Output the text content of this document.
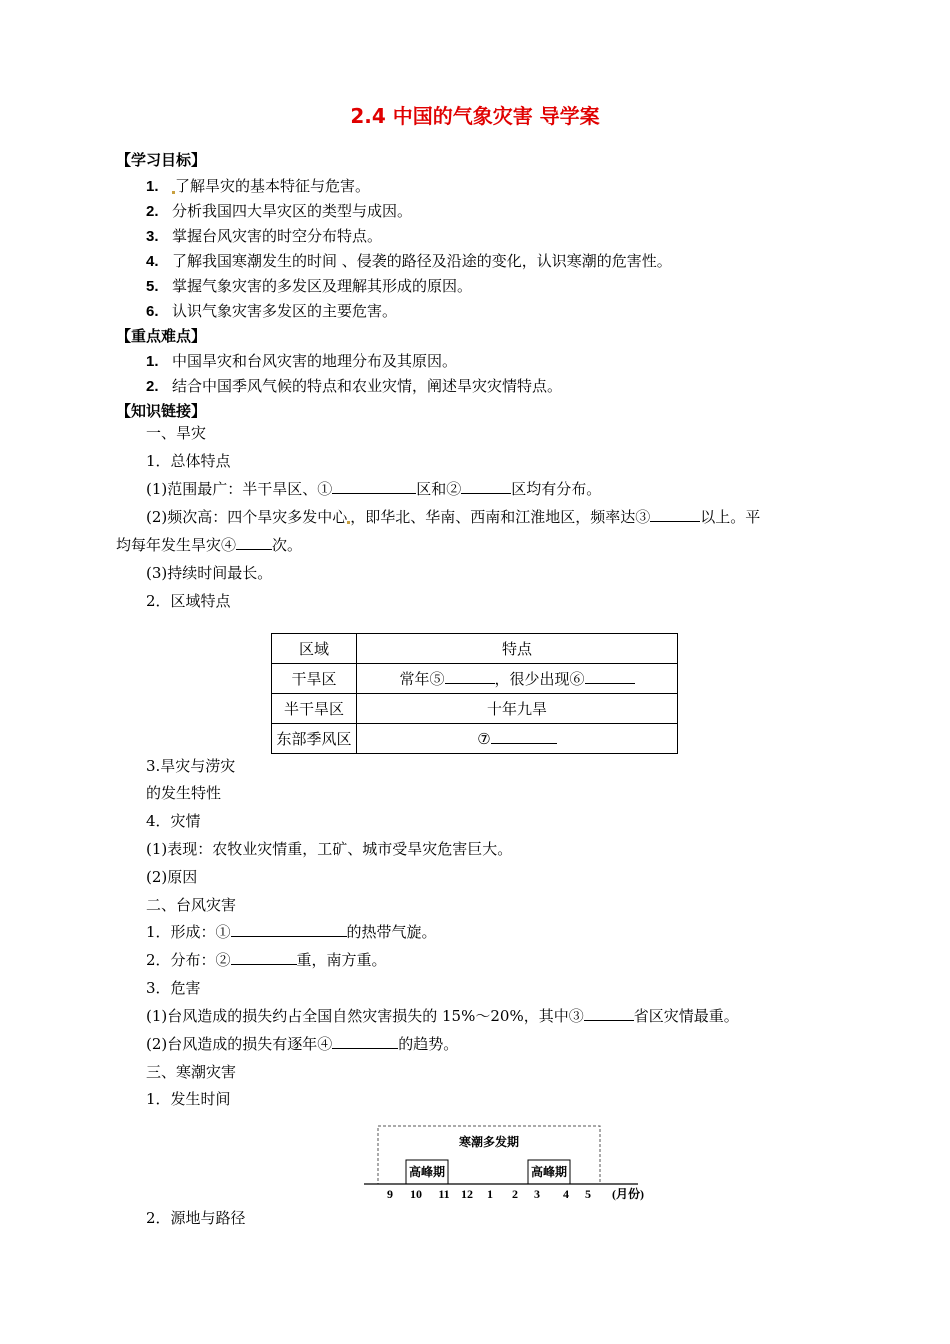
2.4 中国的气象灾害 导学案
【学习目标】
1. 了解旱灾的基本特征与危害。
2. 分析我国四大旱灾区的类型与成因。
3. 掌握台风灾害的时空分布特点。
4. 了解我国寒潮发生的时间 、侵袭的路径及沿途的变化，认识寒潮的危害性。
5. 掌握气象灾害的多发区及理解其形成的原因。
6. 认识气象灾害多发区的主要危害。
【重点难点】
1. 中国旱灾和台风灾害的地理分布及其原因。
2. 结合中国季风气候的特点和农业灾情，阐述旱灾灾情特点。
【知识链接】
一、旱灾
1．总体特点
(1)范围最广：半干旱区、①	区和②	区均有分布。
(2)频次高：四个旱灾多发中心 ，即华北、华南、西南和江淮地区，频率达③	以上。平
均每年发生旱灾④ 次。
(3)持续时间最长。
2．区域特点
区域	特点
干旱区	常年⑤ ，很少出现⑥
半干旱区	十年九旱
东部季风区	⑦
3.旱灾与涝灾
的发生特性
4．灾情
(1)表现：农牧业灾情重，工矿、城市受旱灾危害巨大。
(2)原因
二、台风灾害
1．形成：①	的热带气旋。
2．分布：②	重，南方重。
3．危害
(1)台风造成的损失约占全国自然灾害损失的 15%～20%，其中③	省区灾情最重。
(2)台风造成的损失有逐年④	的趋势。
三、寒潮灾害
1．发生时间
寒潮多发期
高峰期	高峰期
9 10 11 12 1 2 3 4 5 (月份)
2．源地与路径
